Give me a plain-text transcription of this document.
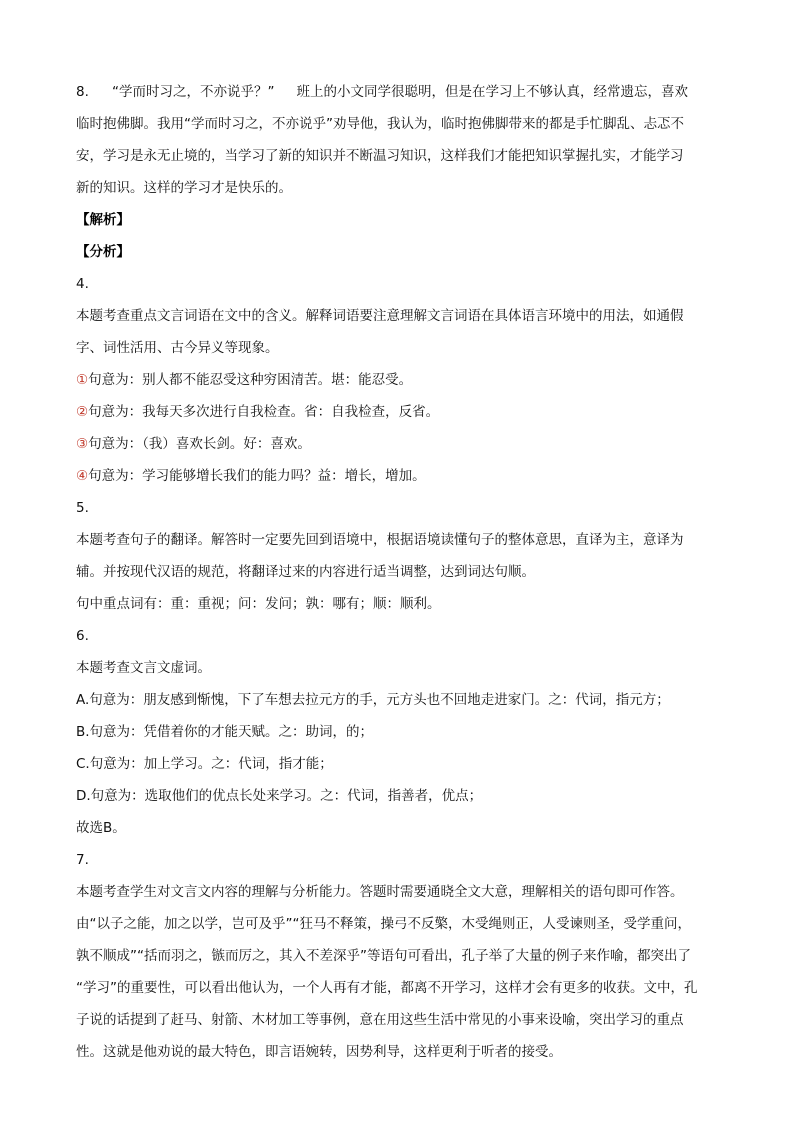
8. “学而时习之，不亦说乎？” 班上的小文同学很聪明，但是在学习上不够认真，经常遗忘，喜欢
临时抱佛脚。我用“学而时习之，不亦说乎”劝导他，我认为，临时抱佛脚带来的都是手忙脚乱、忐忑不
安，学习是永无止境的，当学习了新的知识并不断温习知识，这样我们才能把知识掌握扎实，才能学习
新的知识。这样的学习才是快乐的。
【解析】
【分析】
4.
本题考查重点文言词语在文中的含义。解释词语要注意理解文言词语在具体语言环境中的用法，如通假
字、词性活用、古今异义等现象。
①句意为：别人都不能忍受这种穷困清苦。堪：能忍受。
②句意为：我每天多次进行自我检查。省：自我检查，反省。
③句意为：（我）喜欢长剑。好：喜欢。
④句意为：学习能够增长我们的能力吗？益：增长，增加。
5.
本题考查句子的翻译。解答时一定要先回到语境中，根据语境读懂句子的整体意思，直译为主，意译为
辅。并按现代汉语的规范，将翻译过来的内容进行适当调整，达到词达句顺。
句中重点词有：重：重视；问：发问；孰：哪有；顺：顺利。
6.
本题考查文言文虚词。
A.句意为：朋友感到惭愧，下了车想去拉元方的手，元方头也不回地走进家门。之：代词，指元方；
B.句意为：凭借着你的才能天赋。之：助词，的；
C.句意为：加上学习。之：代词，指才能；
D.句意为：选取他们的优点长处来学习。之：代词，指善者，优点；
故选B。
7.
本题考查学生对文言文内容的理解与分析能力。答题时需要通晓全文大意，理解相关的语句即可作答。
由“以子之能，加之以学，岂可及乎”“狂马不释策，操弓不反檠，木受绳则正，人受谏则圣，受学重问，
孰不顺成”“括而羽之，镞而厉之，其入不差深乎”等语句可看出，孔子举了大量的例子来作喻，都突出了
“学习”的重要性，可以看出他认为，一个人再有才能，都离不开学习，这样才会有更多的收获。文中，孔
子说的话提到了赶马、射箭、木材加工等事例，意在用这些生活中常见的小事来设喻，突出学习的重点
性。这就是他劝说的最大特色，即言语婉转，因势利导，这样更利于听者的接受。
